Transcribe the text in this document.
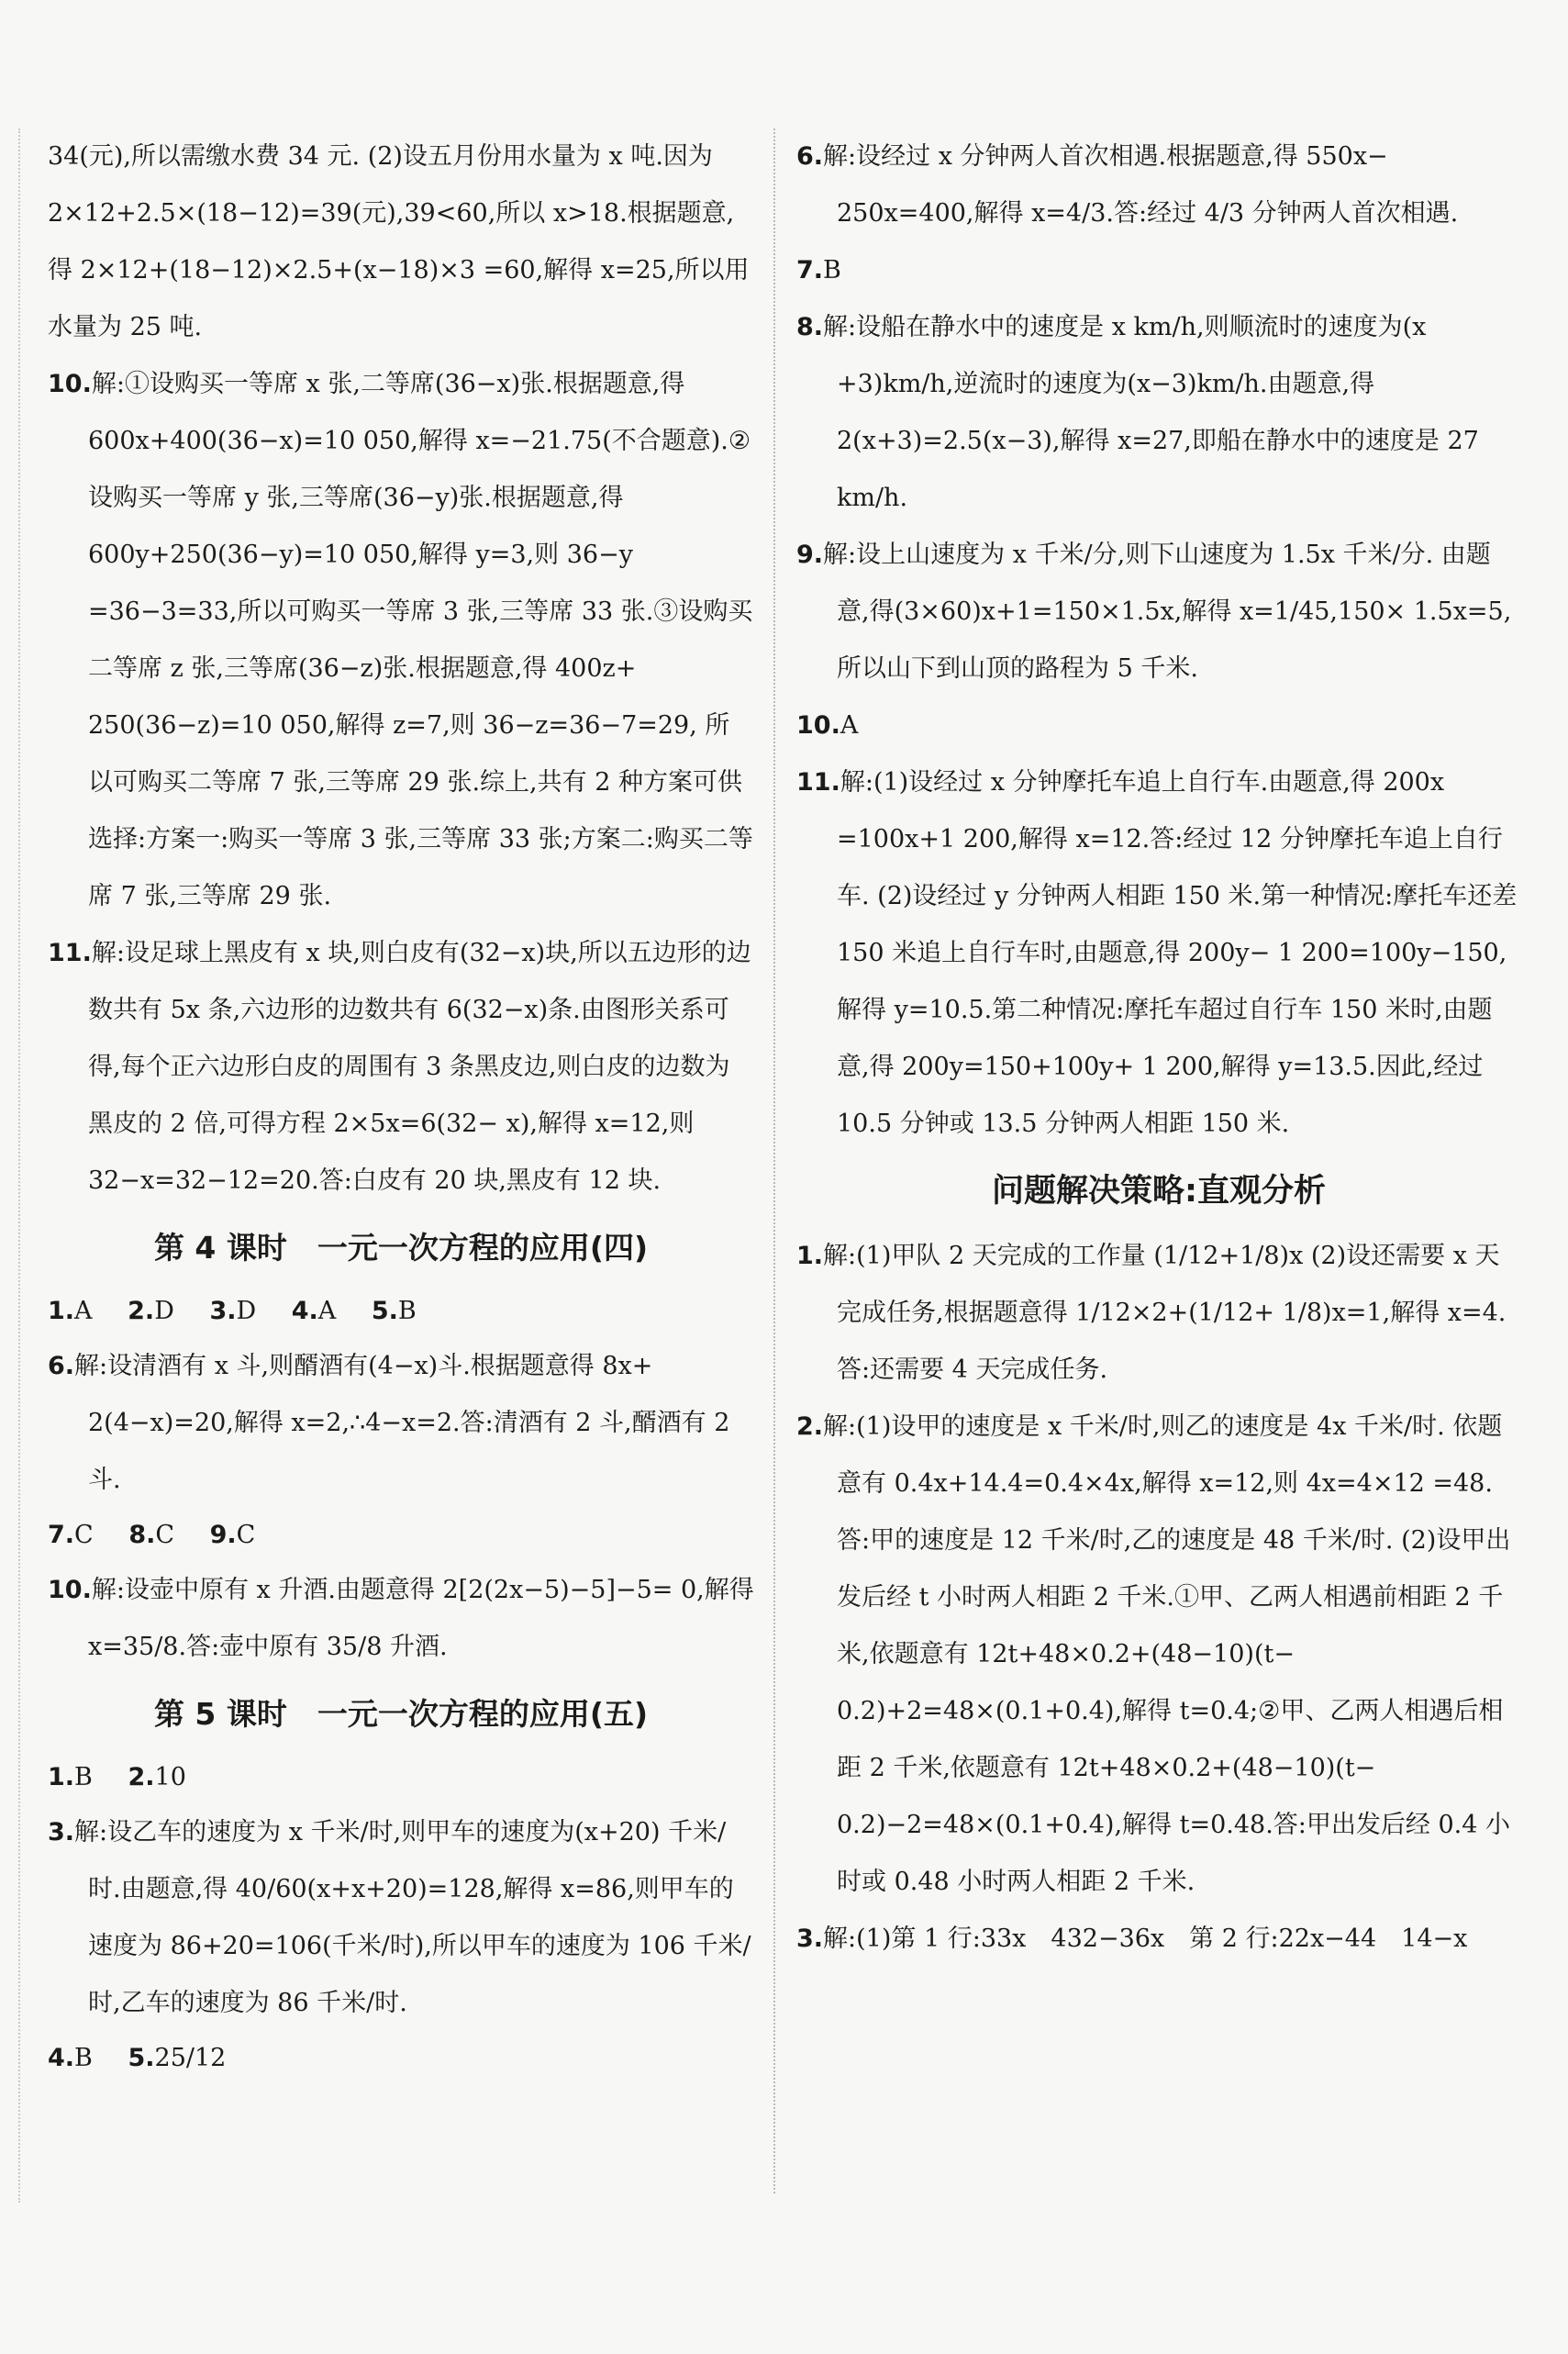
34(元),所以需缴水费 34 元. (2)设五月份用水量为 x 吨.因为 2×12+2.5×(18−12)=39(元),39<60,所以 x>18.根据题意,得 2×12+(18−12)×2.5+(x−18)×3 =60,解得 x=25,所以用水量为 25 吨.

10.解:①设购买一等席 x 张,二等席(36−x)张.根据题意,得 600x+400(36−x)=10 050,解得 x=−21.75(不合题意).②设购买一等席 y 张,三等席(36−y)张.根据题意,得 600y+250(36−y)=10 050,解得 y=3,则 36−y =36−3=33,所以可购买一等席 3 张,三等席 33 张.③设购买二等席 z 张,三等席(36−z)张.根据题意,得 400z+ 250(36−z)=10 050,解得 z=7,则 36−z=36−7=29, 所以可购买二等席 7 张,三等席 29 张.综上,共有 2 种方案可供选择:方案一:购买一等席 3 张,三等席 33 张;方案二:购买二等席 7 张,三等席 29 张.

11.解:设足球上黑皮有 x 块,则白皮有(32−x)块,所以五边形的边数共有 5x 条,六边形的边数共有 6(32−x)条.由图形关系可得,每个正六边形白皮的周围有 3 条黑皮边,则白皮的边数为黑皮的 2 倍,可得方程 2×5x=6(32− x),解得 x=12,则 32−x=32−12=20.答:白皮有 20 块,黑皮有 12 块.

第 4 课时　一元一次方程的应用(四)
1.A 2.D 3.D 4.A 5.B

6.解:设清酒有 x 斗,则醑酒有(4−x)斗.根据题意得 8x+ 2(4−x)=20,解得 x=2,∴4−x=2.答:清酒有 2 斗,醑酒有 2 斗.

7.C 8.C 9.C

10.解:设壶中原有 x 升酒.由题意得 2[2(2x−5)−5]−5= 0,解得 x=35/8.答:壶中原有 35/8 升酒.

第 5 课时　一元一次方程的应用(五)
1.B 2.10

3.解:设乙车的速度为 x 千米/时,则甲车的速度为(x+20) 千米/时.由题意,得 40/60(x+x+20)=128,解得 x=86,则甲车的速度为 86+20=106(千米/时),所以甲车的速度为 106 千米/时,乙车的速度为 86 千米/时.

4.B 5.25/12

6.解:设经过 x 分钟两人首次相遇.根据题意,得 550x− 250x=400,解得 x=4/3.答:经过 4/3 分钟两人首次相遇.

7.B

8.解:设船在静水中的速度是 x km/h,则顺流时的速度为(x +3)km/h,逆流时的速度为(x−3)km/h.由题意,得 2(x+3)=2.5(x−3),解得 x=27,即船在静水中的速度是 27 km/h.

9.解:设上山速度为 x 千米/分,则下山速度为 1.5x 千米/分. 由题意,得(3×60)x+1=150×1.5x,解得 x=1/45,150× 1.5x=5,所以山下到山顶的路程为 5 千米.

10.A

11.解:(1)设经过 x 分钟摩托车追上自行车.由题意,得 200x =100x+1 200,解得 x=12.答:经过 12 分钟摩托车追上自行车. (2)设经过 y 分钟两人相距 150 米.第一种情况:摩托车还差 150 米追上自行车时,由题意,得 200y− 1 200=100y−150,解得 y=10.5.第二种情况:摩托车超过自行车 150 米时,由题意,得 200y=150+100y+ 1 200,解得 y=13.5.因此,经过 10.5 分钟或 13.5 分钟两人相距 150 米.

问题解决策略:直观分析

1.解:(1)甲队 2 天完成的工作量 (1/12+1/8)x (2)设还需要 x 天完成任务,根据题意得 1/12×2+(1/12+ 1/8)x=1,解得 x=4.答:还需要 4 天完成任务.

2.解:(1)设甲的速度是 x 千米/时,则乙的速度是 4x 千米/时. 依题意有 0.4x+14.4=0.4×4x,解得 x=12,则 4x=4×12 =48.答:甲的速度是 12 千米/时,乙的速度是 48 千米/时. (2)设甲出发后经 t 小时两人相距 2 千米.①甲、乙两人相遇前相距 2 千米,依题意有 12t+48×0.2+(48−10)(t− 0.2)+2=48×(0.1+0.4),解得 t=0.4;②甲、乙两人相遇后相距 2 千米,依题意有 12t+48×0.2+(48−10)(t− 0.2)−2=48×(0.1+0.4),解得 t=0.48.答:甲出发后经 0.4 小时或 0.48 小时两人相距 2 千米.

3.解:(1)第 1 行:33x　432−36x　第 2 行:22x−44　14−x
